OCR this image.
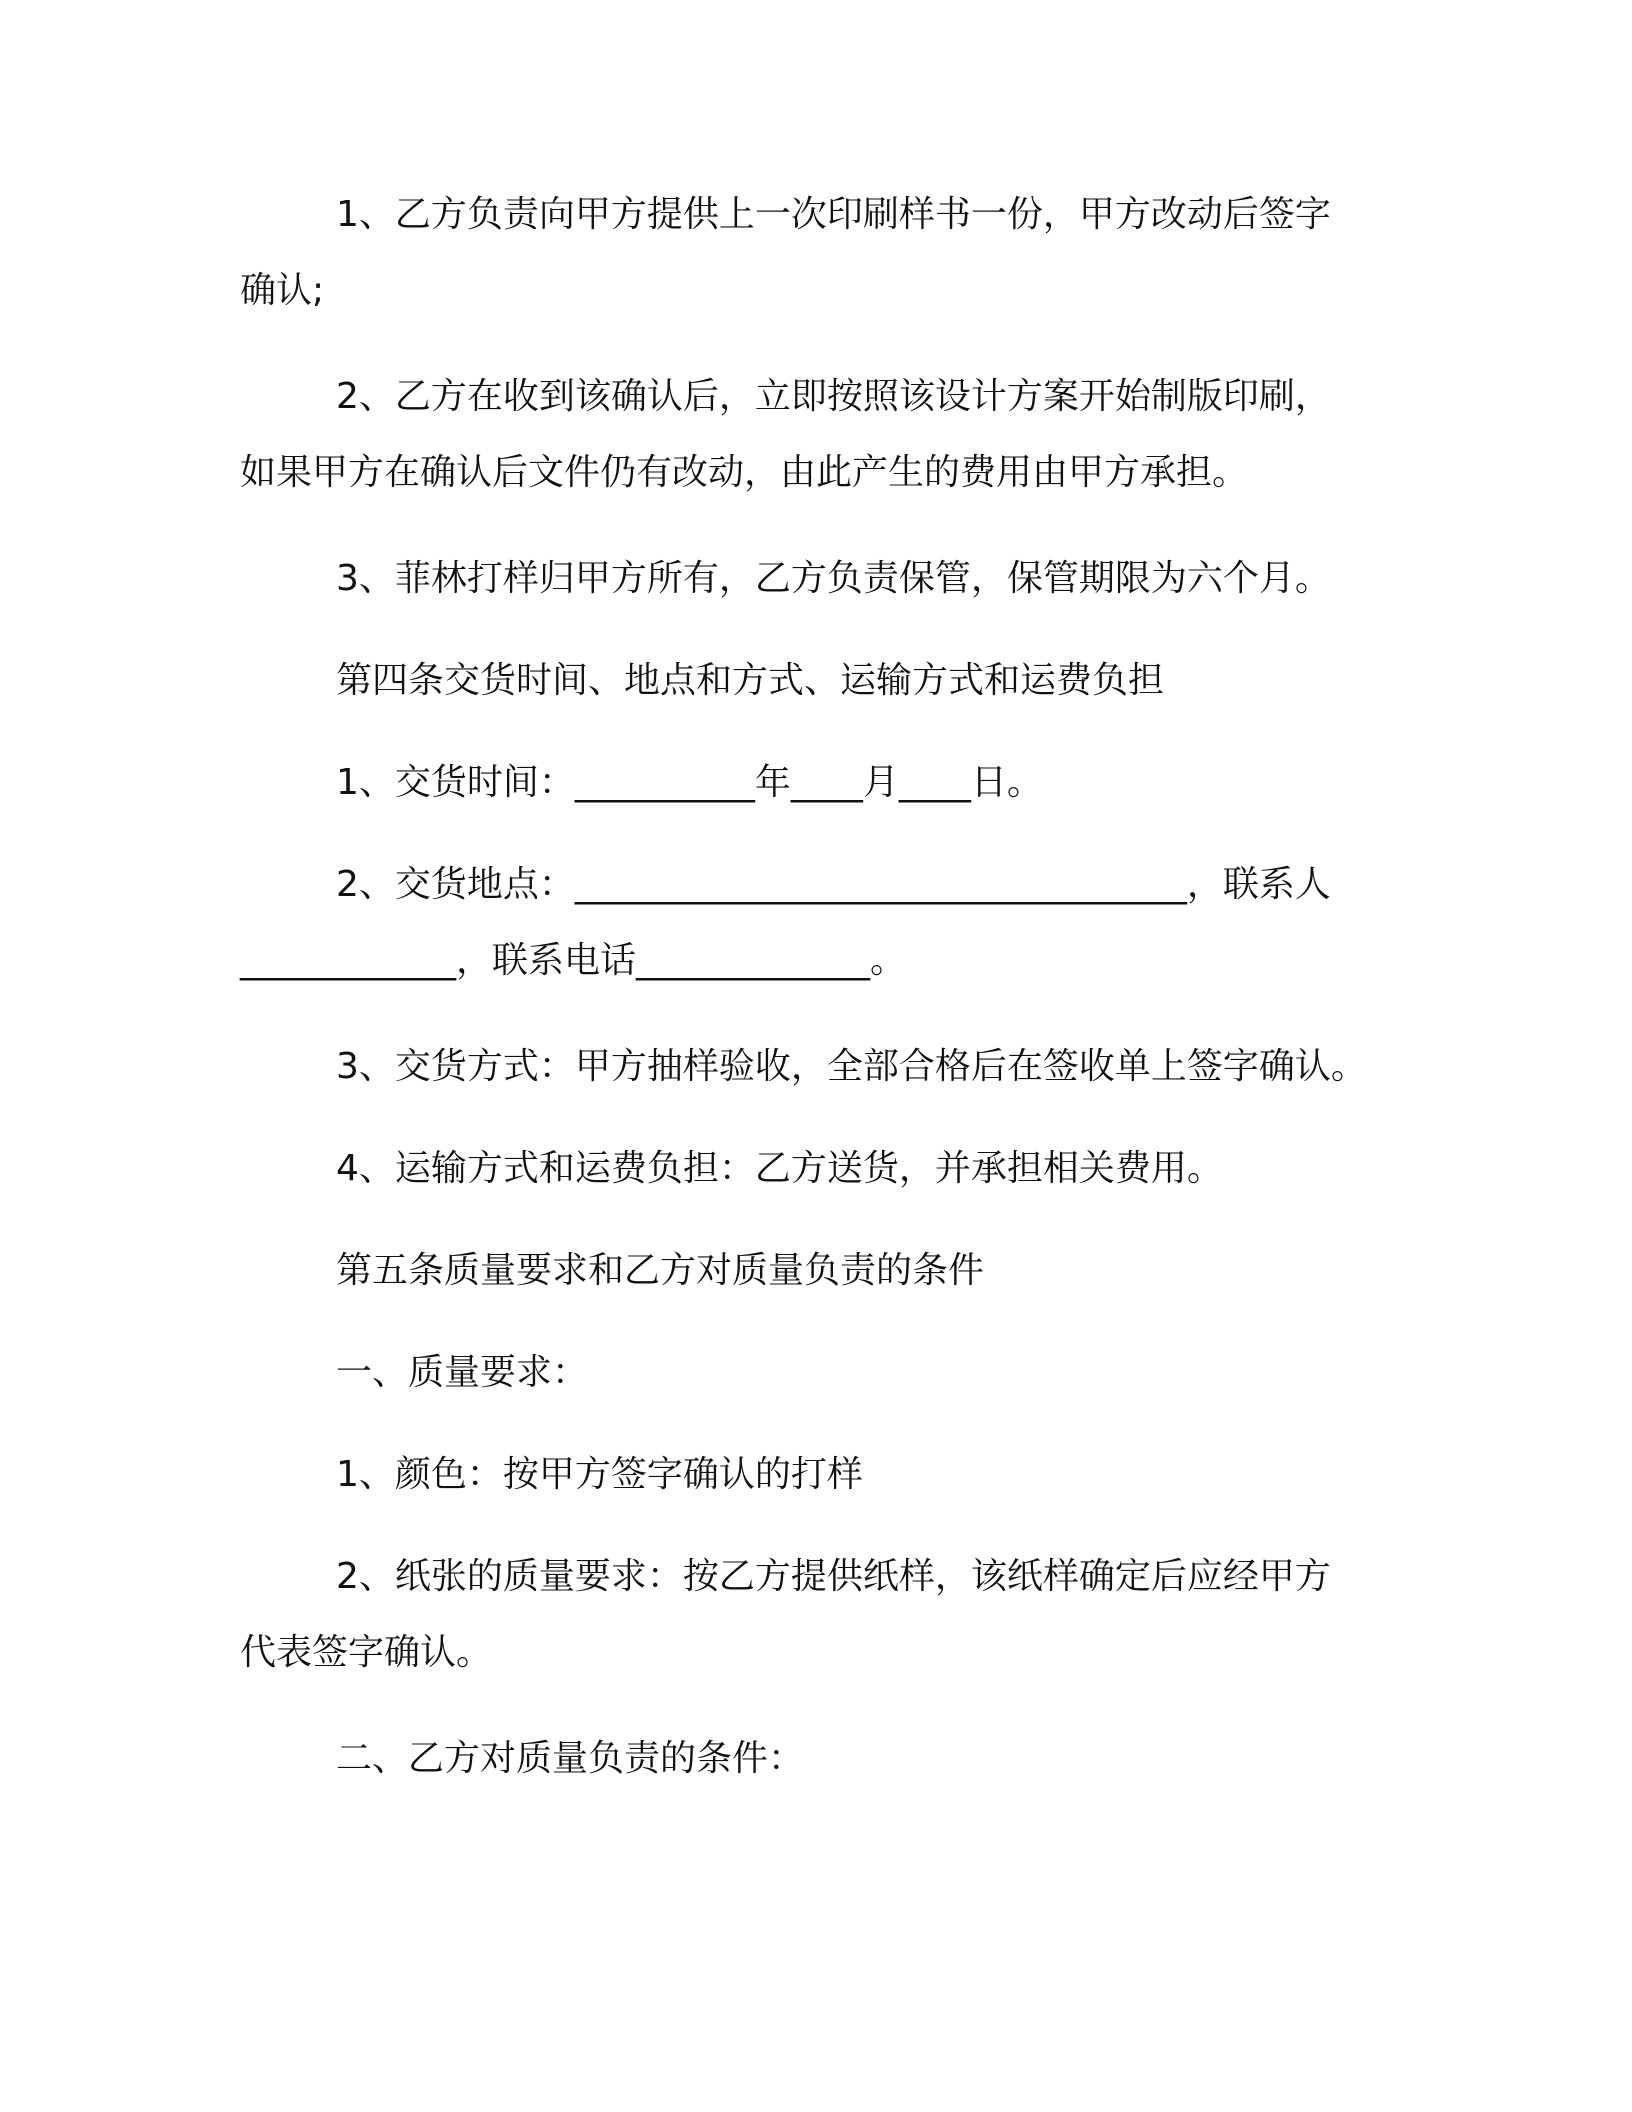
1、乙方负责向甲方提供上一次印刷样书一份，甲方改动后签字
确认;
2、乙方在收到该确认后，立即按照该设计方案开始制版印刷，
如果甲方在确认后文件仍有改动，由此产生的费用由甲方承担。
3、菲林打样归甲方所有，乙方负责保管，保管期限为六个月。
第四条交货时间、地点和方式、运输方式和运费负担
1、交货时间：__________年____月____日。
2、交货地点：__________________________________，联系人
____________，联系电话_____________。
3、交货方式：甲方抽样验收，全部合格后在签收单上签字确认。
4、运输方式和运费负担：乙方送货，并承担相关费用。
第五条质量要求和乙方对质量负责的条件
一、质量要求：
1、颜色：按甲方签字确认的打样
2、纸张的质量要求：按乙方提供纸样，该纸样确定后应经甲方
代表签字确认。
二、乙方对质量负责的条件：
